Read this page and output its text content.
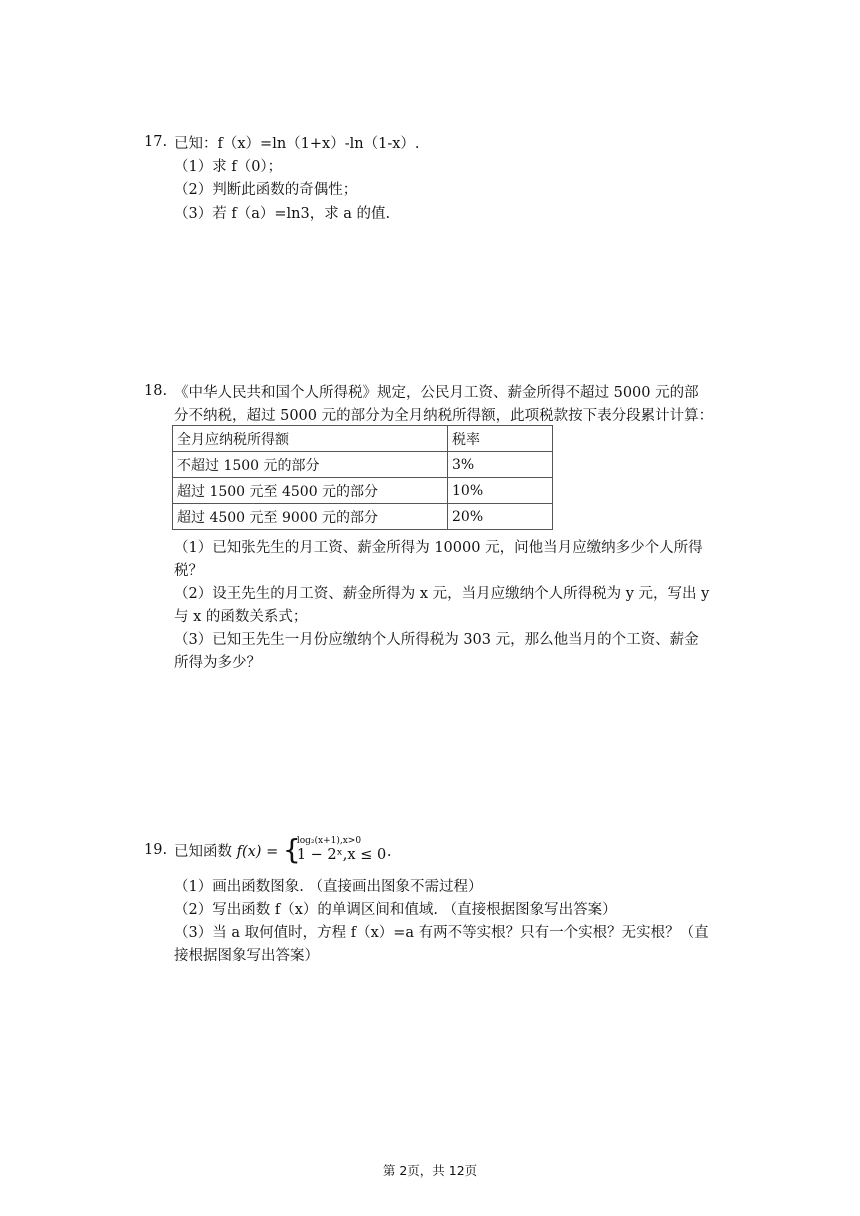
17. 已知：f（x）=ln（1+x）-ln（1-x）.
（1）求 f（0）；
（2）判断此函数的奇偶性；
（3）若 f（a）=ln3，求 a 的值.
18. 《中华人民共和国个人所得税》规定，公民月工资、薪金所得不超过 5000 元的部
分不纳税，超过 5000 元的部分为全月纳税所得额，此项税款按下表分段累计计算：
全月应纳税所得额	税率
不超过 1500 元的部分	3%
超过 1500 元至 4500 元的部分	10%
超过 4500 元至 9000 元的部分	20%
（1）已知张先生的月工资、薪金所得为 10000 元，问他当月应缴纳多少个人所得
税？
（2）设王先生的月工资、薪金所得为 x 元，当月应缴纳个人所得税为 y 元，写出 y
与 x 的函数关系式；
（3）已知王先生一月份应缴纳个人所得税为 303 元，那么他当月的个工资、薪金
所得为多少？
19. 已知函数 f(x) = {
log₂(x+1),x>0
1 − 2ˣ,x ≤ 0 .
（1）画出函数图象. （直接画出图象不需过程）
（2）写出函数 f（x）的单调区间和值域. （直接根据图象写出答案）
（3）当 a 取何值时，方程 f（x）=a 有两不等实根？只有一个实根？无实根？（直
接根据图象写出答案）
第 2页，共 12页
